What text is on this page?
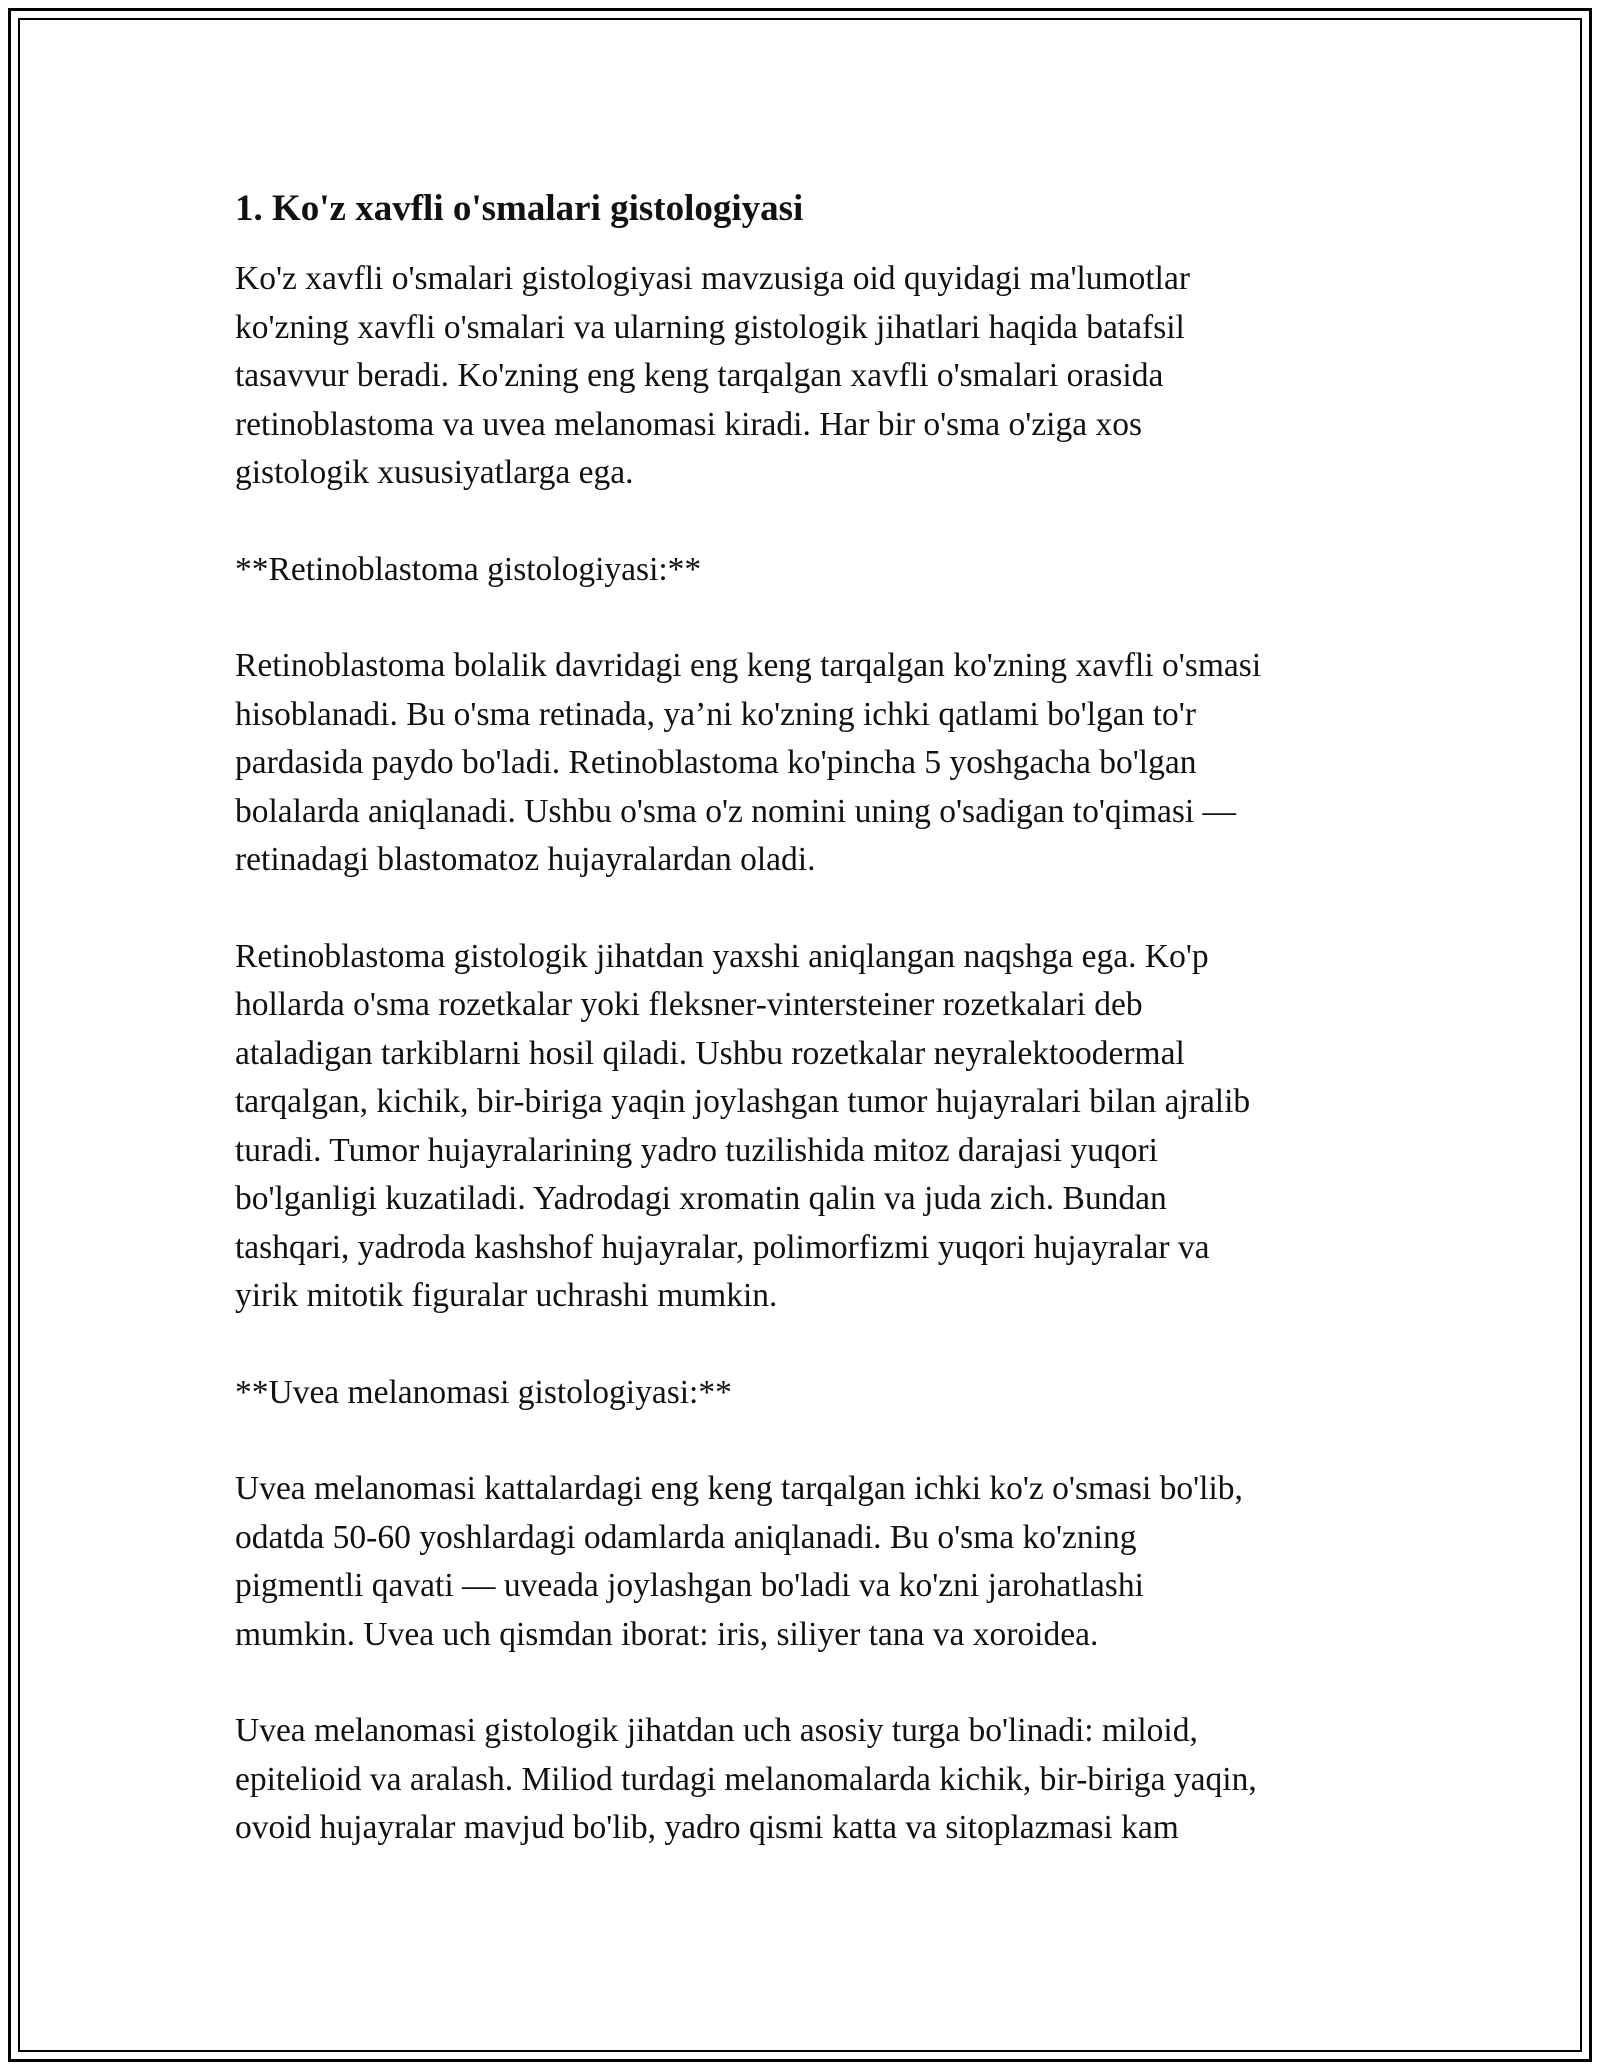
1. Ko'z xavfli o'smalari gistologiyasi

Ko'z xavfli o'smalari gistologiyasi mavzusiga oid quyidagi ma'lumotlar
ko'zning xavfli o'smalari va ularning gistologik jihatlari haqida batafsil
tasavvur beradi. Ko'zning eng keng tarqalgan xavfli o'smalari orasida
retinoblastoma va uvea melanomasi kiradi. Har bir o'sma o'ziga xos
gistologik xususiyatlarga ega.

**Retinoblastoma gistologiyasi:**

Retinoblastoma bolalik davridagi eng keng tarqalgan ko'zning xavfli o'smasi
hisoblanadi. Bu o'sma retinada, ya’ni ko'zning ichki qatlami bo'lgan to'r
pardasida paydo bo'ladi. Retinoblastoma ko'pincha 5 yoshgacha bo'lgan
bolalarda aniqlanadi. Ushbu o'sma o'z nomini uning o'sadigan to'qimasi —
retinadagi blastomatoz hujayralardan oladi.

Retinoblastoma gistologik jihatdan yaxshi aniqlangan naqshga ega. Ko'p
hollarda o'sma rozetkalar yoki fleksner-vintersteiner rozetkalari deb
ataladigan tarkiblarni hosil qiladi. Ushbu rozetkalar neyralektoodermal
tarqalgan, kichik, bir-biriga yaqin joylashgan tumor hujayralari bilan ajralib
turadi. Tumor hujayralarining yadro tuzilishida mitoz darajasi yuqori
bo'lganligi kuzatiladi. Yadrodagi xromatin qalin va juda zich. Bundan
tashqari, yadroda kashshof hujayralar, polimorfizmi yuqori hujayralar va
yirik mitotik figuralar uchrashi mumkin.

**Uvea melanomasi gistologiyasi:**

Uvea melanomasi kattalardagi eng keng tarqalgan ichki ko'z o'smasi bo'lib,
odatda 50-60 yoshlardagi odamlarda aniqlanadi. Bu o'sma ko'zning
pigmentli qavati — uveada joylashgan bo'ladi va ko'zni jarohatlashi
mumkin. Uvea uch qismdan iborat: iris, siliyer tana va xoroidea.

Uvea melanomasi gistologik jihatdan uch asosiy turga bo'linadi: miloid,
epitelioid va aralash. Miliod turdagi melanomalarda kichik, bir-biriga yaqin,
ovoid hujayralar mavjud bo'lib, yadro qismi katta va sitoplazmasi kam
